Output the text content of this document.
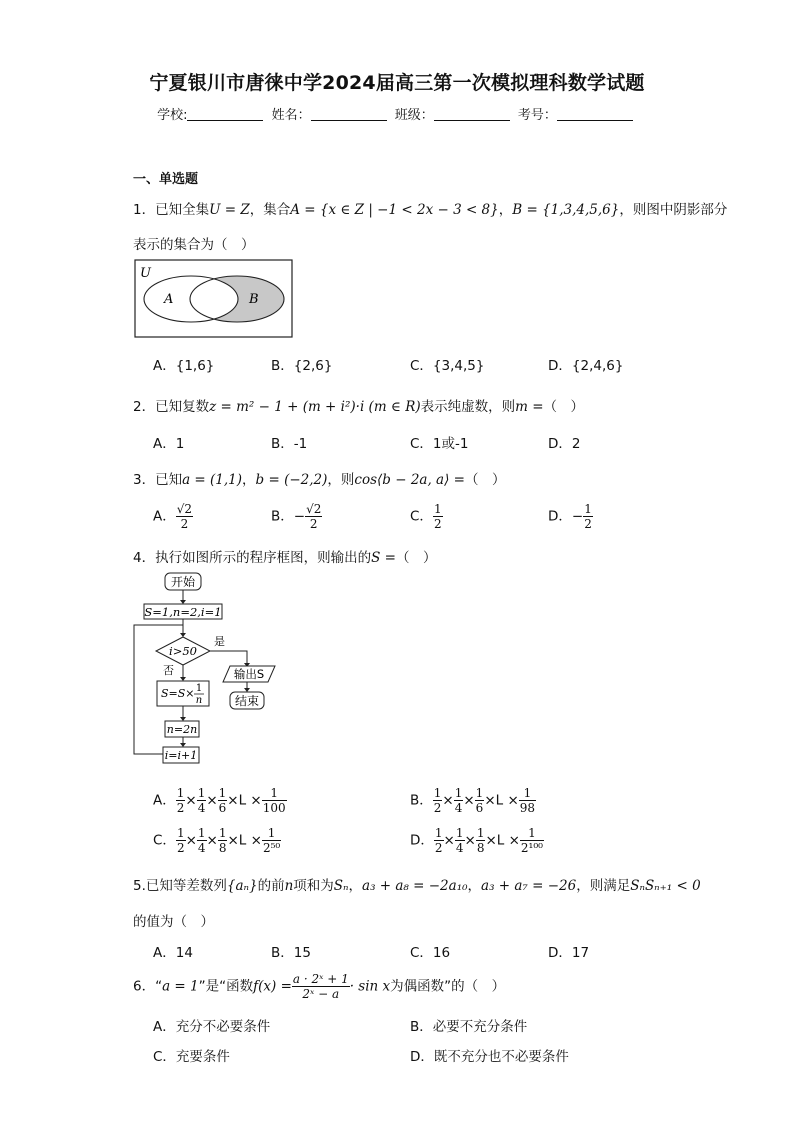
宁夏银川市唐徕中学2024届高三第一次模拟理科数学试题
学校:	姓名：	班级：	考号：
一、单选题
1．已知全集U = Z，集合A = {x ∈ Z | −1 < 2x − 3 < 8}，B = {1,3,4,5,6}，则图中阴影部分
表示的集合为（　）
U
A	B
A．{1,6}	B．{2,6}	C．{3,4,5}	D．{2,4,6}
2．已知复数z = m² − 1 + (m + i²)·i (m ∈ R)表示纯虚数，则m =（　）
A．1	B．-1	C．1或-1	D．2
3．已知a = (1,1)，b = (−2,2)，则cos⟨b − 2a, a⟩ =（　）
A． $\frac{√2}{2}$	B．− $\frac{√2}{2}$	C． $\frac{1}{2}$	D．− $\frac{1}{2}$
4．执行如图所示的程序框图，则输出的S =（　）
开始
S=1,n=2,i=1
i>50
是
输出S
结束
否
S=S× 1
n
n=2n
i=i+1
A． $\frac{1}{2} \times \frac{1}{4} \times \frac{1}{6} \times L \times \frac{1}{100}$	B． $\frac{1}{2} \times \frac{1}{4} \times \frac{1}{6} \times L \times \frac{1}{98}$
C． $\frac{1}{2} \times \frac{1}{4} \times \frac{1}{8} \times L \times \frac{1}{\text{2⁵⁰}}$	D． $\frac{1}{2} \times \frac{1}{4} \times \frac{1}{8} \times L \times \frac{1}{\text{2¹⁰⁰}}$
5.已知等差数列{aₙ}的前n项和为Sₙ，a₃ + a₈ = −2a₁₀，a₃ + a₇ = −26，则满足SₙSₙ₊₁ < 0
的值为（　）
A．14	B．15	C．16	D．17
6．“a = 1”是“函数$f(x) = \frac{\text{a · 2ˣ + 1}}{\text{2ˣ − a}} \cdot \sin x$为偶函数”的（　）
A．充分不必要条件	B．必要不充分条件
C．充要条件	D．既不充分也不必要条件
